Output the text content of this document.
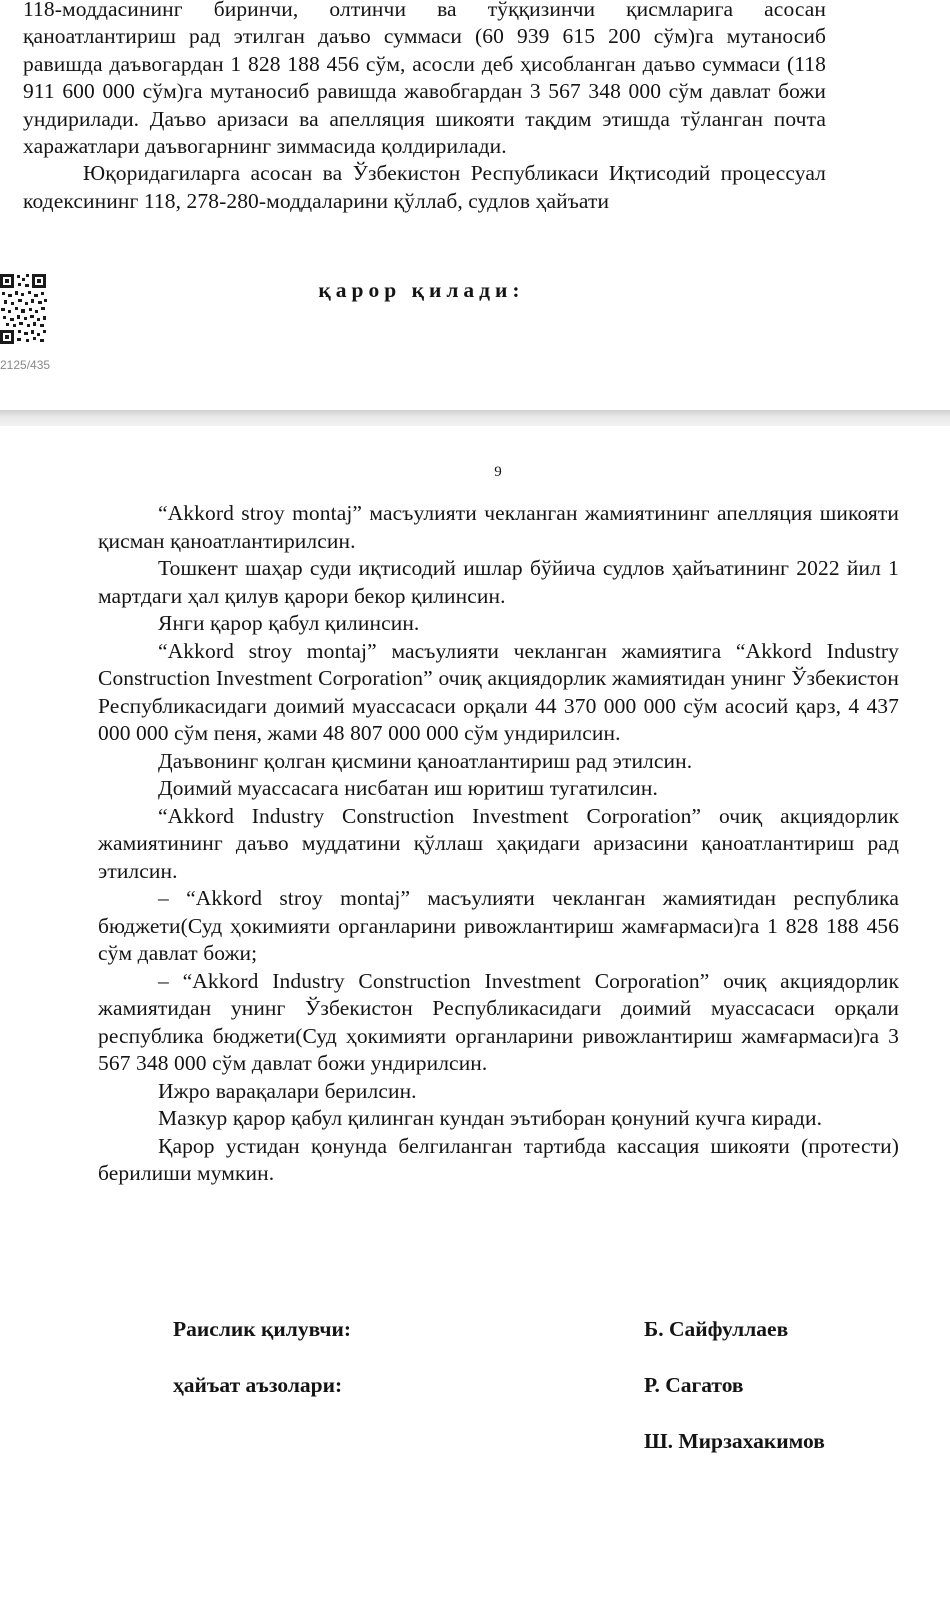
118-моддасининг биринчи, олтинчи ва тўққизинчи қисмларига асосан қаноатлантириш рад этилган даъво суммаси (60 939 615 200 сўм)га мутаносиб равишда даъвогардан 1 828 188 456 сўм, асосли деб ҳисобланган даъво суммаси (118 911 600 000 сўм)га мутаносиб равишда жавобгардан 3 567 348 000 сўм давлат божи ундирилади. Даъво аризаси ва апелляция шикояти тақдим этишда тўланган почта харажатлари даъвогарнинг зиммасида қолдирилади.

Юқоридагиларга асосан ва Ўзбекистон Республикаси Иқтисодий процессуал кодексининг 118, 278-280-моддаларини қўллаб, судлов ҳайъати

қарор қилади:
2125/435
9

“Akkord stroy montaj” масъулияти чекланган жамиятининг апелляция шикояти қисман қаноатлантирилсин.

Тошкент шаҳар суди иқтисодий ишлар бўйича судлов ҳайъатининг 2022 йил 1 мартдаги ҳал қилув қарори бекор қилинсин.

Янги қарор қабул қилинсин.

“Akkord stroy montaj” масъулияти чекланган жамиятига “Akkord Industry Construction Investment Corporation” очиқ акциядорлик жамиятидан унинг Ўзбекистон Республикасидаги доимий муассасаси орқали 44 370 000 000 сўм асосий қарз, 4 437 000 000 сўм пеня, жами 48 807 000 000 сўм ундирилсин.

Даъвонинг қолган қисмини қаноатлантириш рад этилсин.

Доимий муассасага нисбатан иш юритиш тугатилсин.

“Akkord Industry Construction Investment Corporation” очиқ акциядорлик жамиятининг даъво муддатини қўллаш ҳақидаги аризасини қаноатлантириш рад этилсин.

– “Akkord stroy montaj” масъулияти чекланган жамиятидан республика бюджети(Суд ҳокимияти органларини ривожлантириш жамғармаси)га 1 828 188 456 сўм давлат божи;

– “Akkord Industry Construction Investment Corporation” очиқ акциядорлик жамиятидан унинг Ўзбекистон Республикасидаги доимий муассасаси орқали республика бюджети(Суд ҳокимияти органларини ривожлантириш жамғармаси)га 3 567 348 000 сўм давлат божи ундирилсин.

Ижро варақалари берилсин.

Мазкур қарор қабул қилинган кундан эътиборан қонуний кучга киради.

Қарор устидан қонунда белгиланган тартибда кассация шикояти (протести) берилиши мумкин.

Раислик қилувчи:	Б. Сайфуллаев
ҳайъат аъзолари:	Р. Сагатов
Ш. Мирзахакимов
